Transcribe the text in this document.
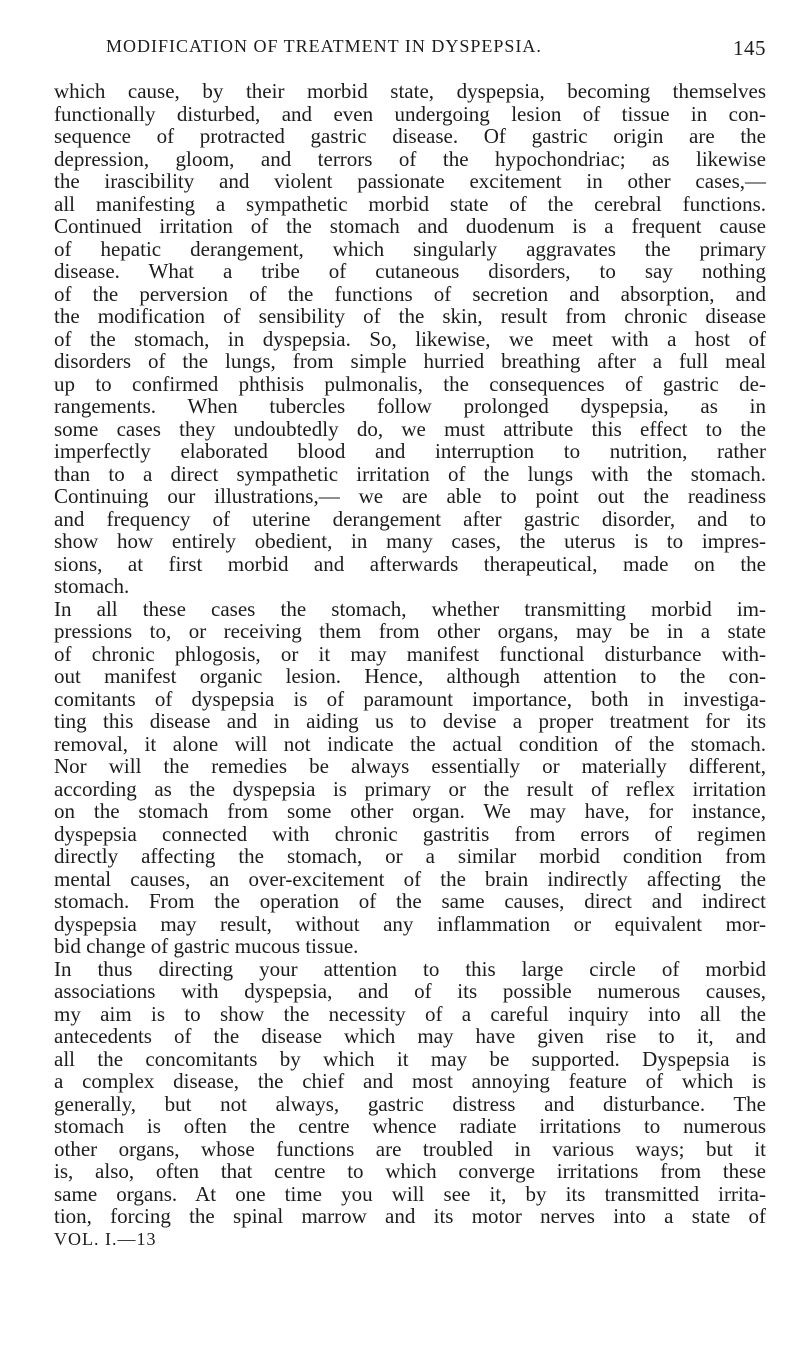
MODIFICATION OF TREATMENT IN DYSPEPSIA.	145
which cause, by their morbid state, dyspepsia, becoming themselves
functionally disturbed, and even undergoing lesion of tissue in con-
sequence of protracted gastric disease. Of gastric origin are the
depression, gloom, and terrors of the hypochondriac; as likewise
the irascibility and violent passionate excitement in other cases,—
all manifesting a sympathetic morbid state of the cerebral functions.
Continued irritation of the stomach and duodenum is a frequent cause
of hepatic derangement, which singularly aggravates the primary
disease. What a tribe of cutaneous disorders, to say nothing
of the perversion of the functions of secretion and absorption, and
the modification of sensibility of the skin, result from chronic disease
of the stomach, in dyspepsia. So, likewise, we meet with a host of
disorders of the lungs, from simple hurried breathing after a full meal
up to confirmed phthisis pulmonalis, the consequences of gastric de-
rangements. When tubercles follow prolonged dyspepsia, as in
some cases they undoubtedly do, we must attribute this effect to the
imperfectly elaborated blood and interruption to nutrition, rather
than to a direct sympathetic irritation of the lungs with the stomach.
Continuing our illustrations,— we are able to point out the readiness
and frequency of uterine derangement after gastric disorder, and to
show how entirely obedient, in many cases, the uterus is to impres-
sions, at first morbid and afterwards therapeutical, made on the
stomach.
In all these cases the stomach, whether transmitting morbid im-
pressions to, or receiving them from other organs, may be in a state
of chronic phlogosis, or it may manifest functional disturbance with-
out manifest organic lesion. Hence, although attention to the con-
comitants of dyspepsia is of paramount importance, both in investiga-
ting this disease and in aiding us to devise a proper treatment for its
removal, it alone will not indicate the actual condition of the stomach.
Nor will the remedies be always essentially or materially different,
according as the dyspepsia is primary or the result of reflex irritation
on the stomach from some other organ. We may have, for instance,
dyspepsia connected with chronic gastritis from errors of regimen
directly affecting the stomach, or a similar morbid condition from
mental causes, an over-excitement of the brain indirectly affecting the
stomach. From the operation of the same causes, direct and indirect
dyspepsia may result, without any inflammation or equivalent mor-
bid change of gastric mucous tissue.
In thus directing your attention to this large circle of morbid
associations with dyspepsia, and of its possible numerous causes,
my aim is to show the necessity of a careful inquiry into all the
antecedents of the disease which may have given rise to it, and
all the concomitants by which it may be supported. Dyspepsia is
a complex disease, the chief and most annoying feature of which is
generally, but not always, gastric distress and disturbance. The
stomach is often the centre whence radiate irritations to numerous
other organs, whose functions are troubled in various ways; but it
is, also, often that centre to which converge irritations from these
same organs. At one time you will see it, by its transmitted irrita-
tion, forcing the spinal marrow and its motor nerves into a state of
VOL. I.—13
